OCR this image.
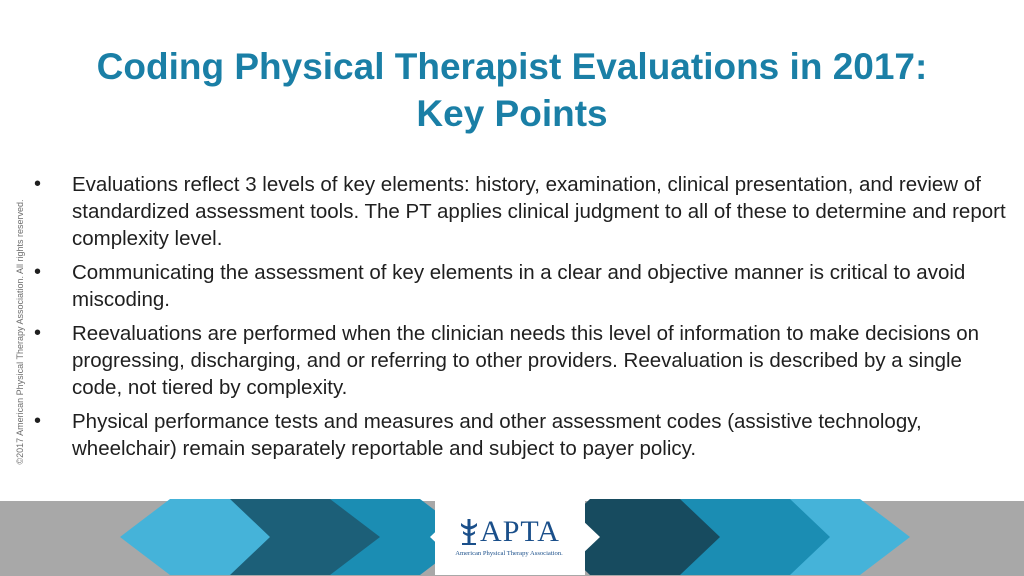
Coding Physical Therapist Evaluations in 2017:
Key Points
©2017 American Physical Therapy Association. All rights reserved.
• Evaluations reflect 3 levels of key elements: history, examination, clinical presentation, and review of standardized assessment tools. The PT applies clinical judgment to all of these to determine and report complexity level.
• Communicating the assessment of key elements in a clear and objective manner is critical to avoid miscoding.
• Reevaluations are performed when the clinician needs this level of information to make decisions on progressing, discharging, and or referring to other providers. Reevaluation is described by a single code, not tiered by complexity.
• Physical performance tests and measures and other assessment codes (assistive technology, wheelchair) remain separately reportable and subject to payer policy.
APTA
American Physical Therapy Association.
